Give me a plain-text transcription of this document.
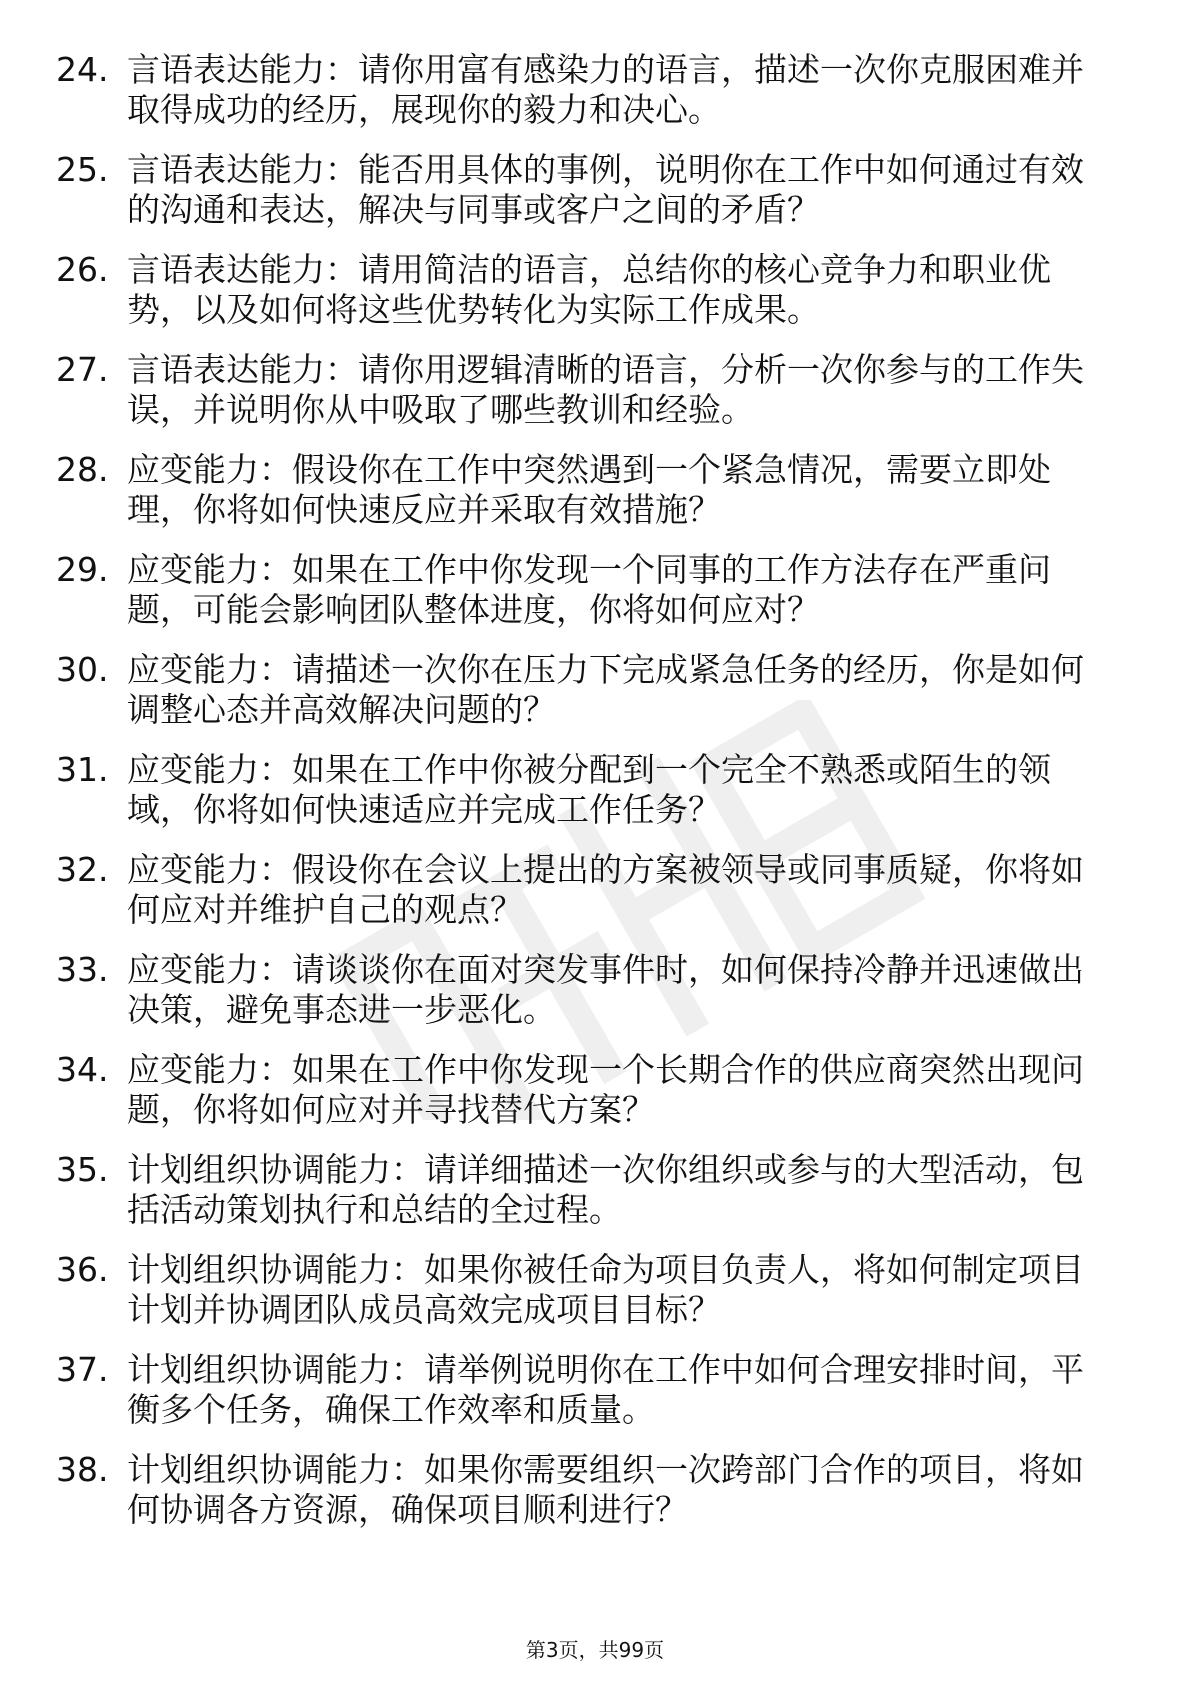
24. 言语表达能力：请你用富有感染力的语言，描述一次你克服困难并取得成功的经历，展现你的毅力和决心。
25. 言语表达能力：能否用具体的事例，说明你在工作中如何通过有效的沟通和表达，解决与同事或客户之间的矛盾？
26. 言语表达能力：请用简洁的语言，总结你的核心竞争力和职业优势，以及如何将这些优势转化为实际工作成果。
27. 言语表达能力：请你用逻辑清晰的语言，分析一次你参与的工作失误，并说明你从中吸取了哪些教训和经验。
28. 应变能力：假设你在工作中突然遇到一个紧急情况，需要立即处理，你将如何快速反应并采取有效措施？
29. 应变能力：如果在工作中你发现一个同事的工作方法存在严重问题，可能会影响团队整体进度，你将如何应对？
30. 应变能力：请描述一次你在压力下完成紧急任务的经历，你是如何调整心态并高效解决问题的？
31. 应变能力：如果在工作中你被分配到一个完全不熟悉或陌生的领域，你将如何快速适应并完成工作任务？
32. 应变能力：假设你在会议上提出的方案被领导或同事质疑，你将如何应对并维护自己的观点？
33. 应变能力：请谈谈你在面对突发事件时，如何保持冷静并迅速做出决策，避免事态进一步恶化。
34. 应变能力：如果在工作中你发现一个长期合作的供应商突然出现问题，你将如何应对并寻找替代方案？
35. 计划组织协调能力：请详细描述一次你组织或参与的大型活动，包括活动策划执行和总结的全过程。
36. 计划组织协调能力：如果你被任命为项目负责人，将如何制定项目计划并协调团队成员高效完成项目目标？
37. 计划组织协调能力：请举例说明你在工作中如何合理安排时间，平衡多个任务，确保工作效率和质量。
38. 计划组织协调能力：如果你需要组织一次跨部门合作的项目，将如何协调各方资源，确保项目顺利进行？
第3页，共99页
